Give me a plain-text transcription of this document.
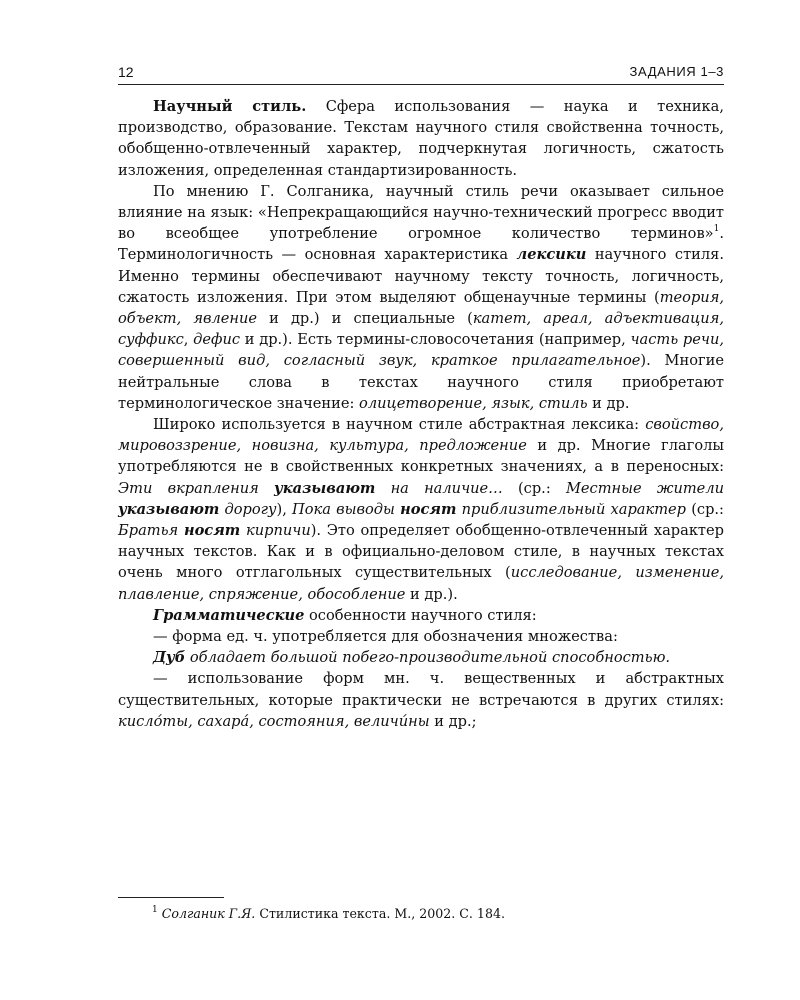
12	ЗАДАНИЯ 1–3

Научный стиль. Сфера использования — наука и техника, производство, образование. Текстам научного стиля свойственна точность, обобщенно-отвлеченный характер, подчеркнутая логичность, сжатость изложения, определенная стандартизированность.

По мнению Г. Солганика, научный стиль речи оказывает сильное влияние на язык: «Непрекращающийся научно-технический прогресс вводит во всеобщее употребление огромное количество терминов»$^1$. Терминологичность — основная характеристика лексики научного стиля. Именно термины обеспечивают научному тексту точность, логичность, сжатость изложения. При этом выделяют общенаучные термины (теория, объект, явление и др.) и специальные (катет, ареал, адъективация, суффикс, дефис и др.). Есть термины-словосочетания (например, часть речи, совершенный вид, согласный звук, краткое прилагательное). Многие нейтральные слова в текстах научного стиля приобретают терминологическое значение: олицетворение, язык, стиль и др.

Широко используется в научном стиле абстрактная лексика: свойство, мировоззрение, новизна, культура, предложение и др. Многие глаголы употребляются не в свойственных конкретных значениях, а в переносных: Эти вкрапления указывают на наличие… (ср.: Местные жители указывают дорогу), Пока выводы носят приблизительный характер (ср.: Братья носят кирпичи). Это определяет обобщенно-отвлеченный характер научных текстов. Как и в официально-деловом стиле, в научных текстах очень много отглагольных существительных (исследование, изменение, плавление, спряжение, обособление и др.).

Грамматические особенности научного стиля:

— форма ед. ч. употребляется для обозначения множества:

Дуб обладает большой побего-производительной способностью.

— использование форм мн. ч. вещественных и абстрактных существительных, которые практически не встречаются в других стилях: кисло́ты, сахара́, состояния, величи́ны и др.;

$^1$ Солганик Г.Я. Стилистика текста. М., 2002. С. 184.
